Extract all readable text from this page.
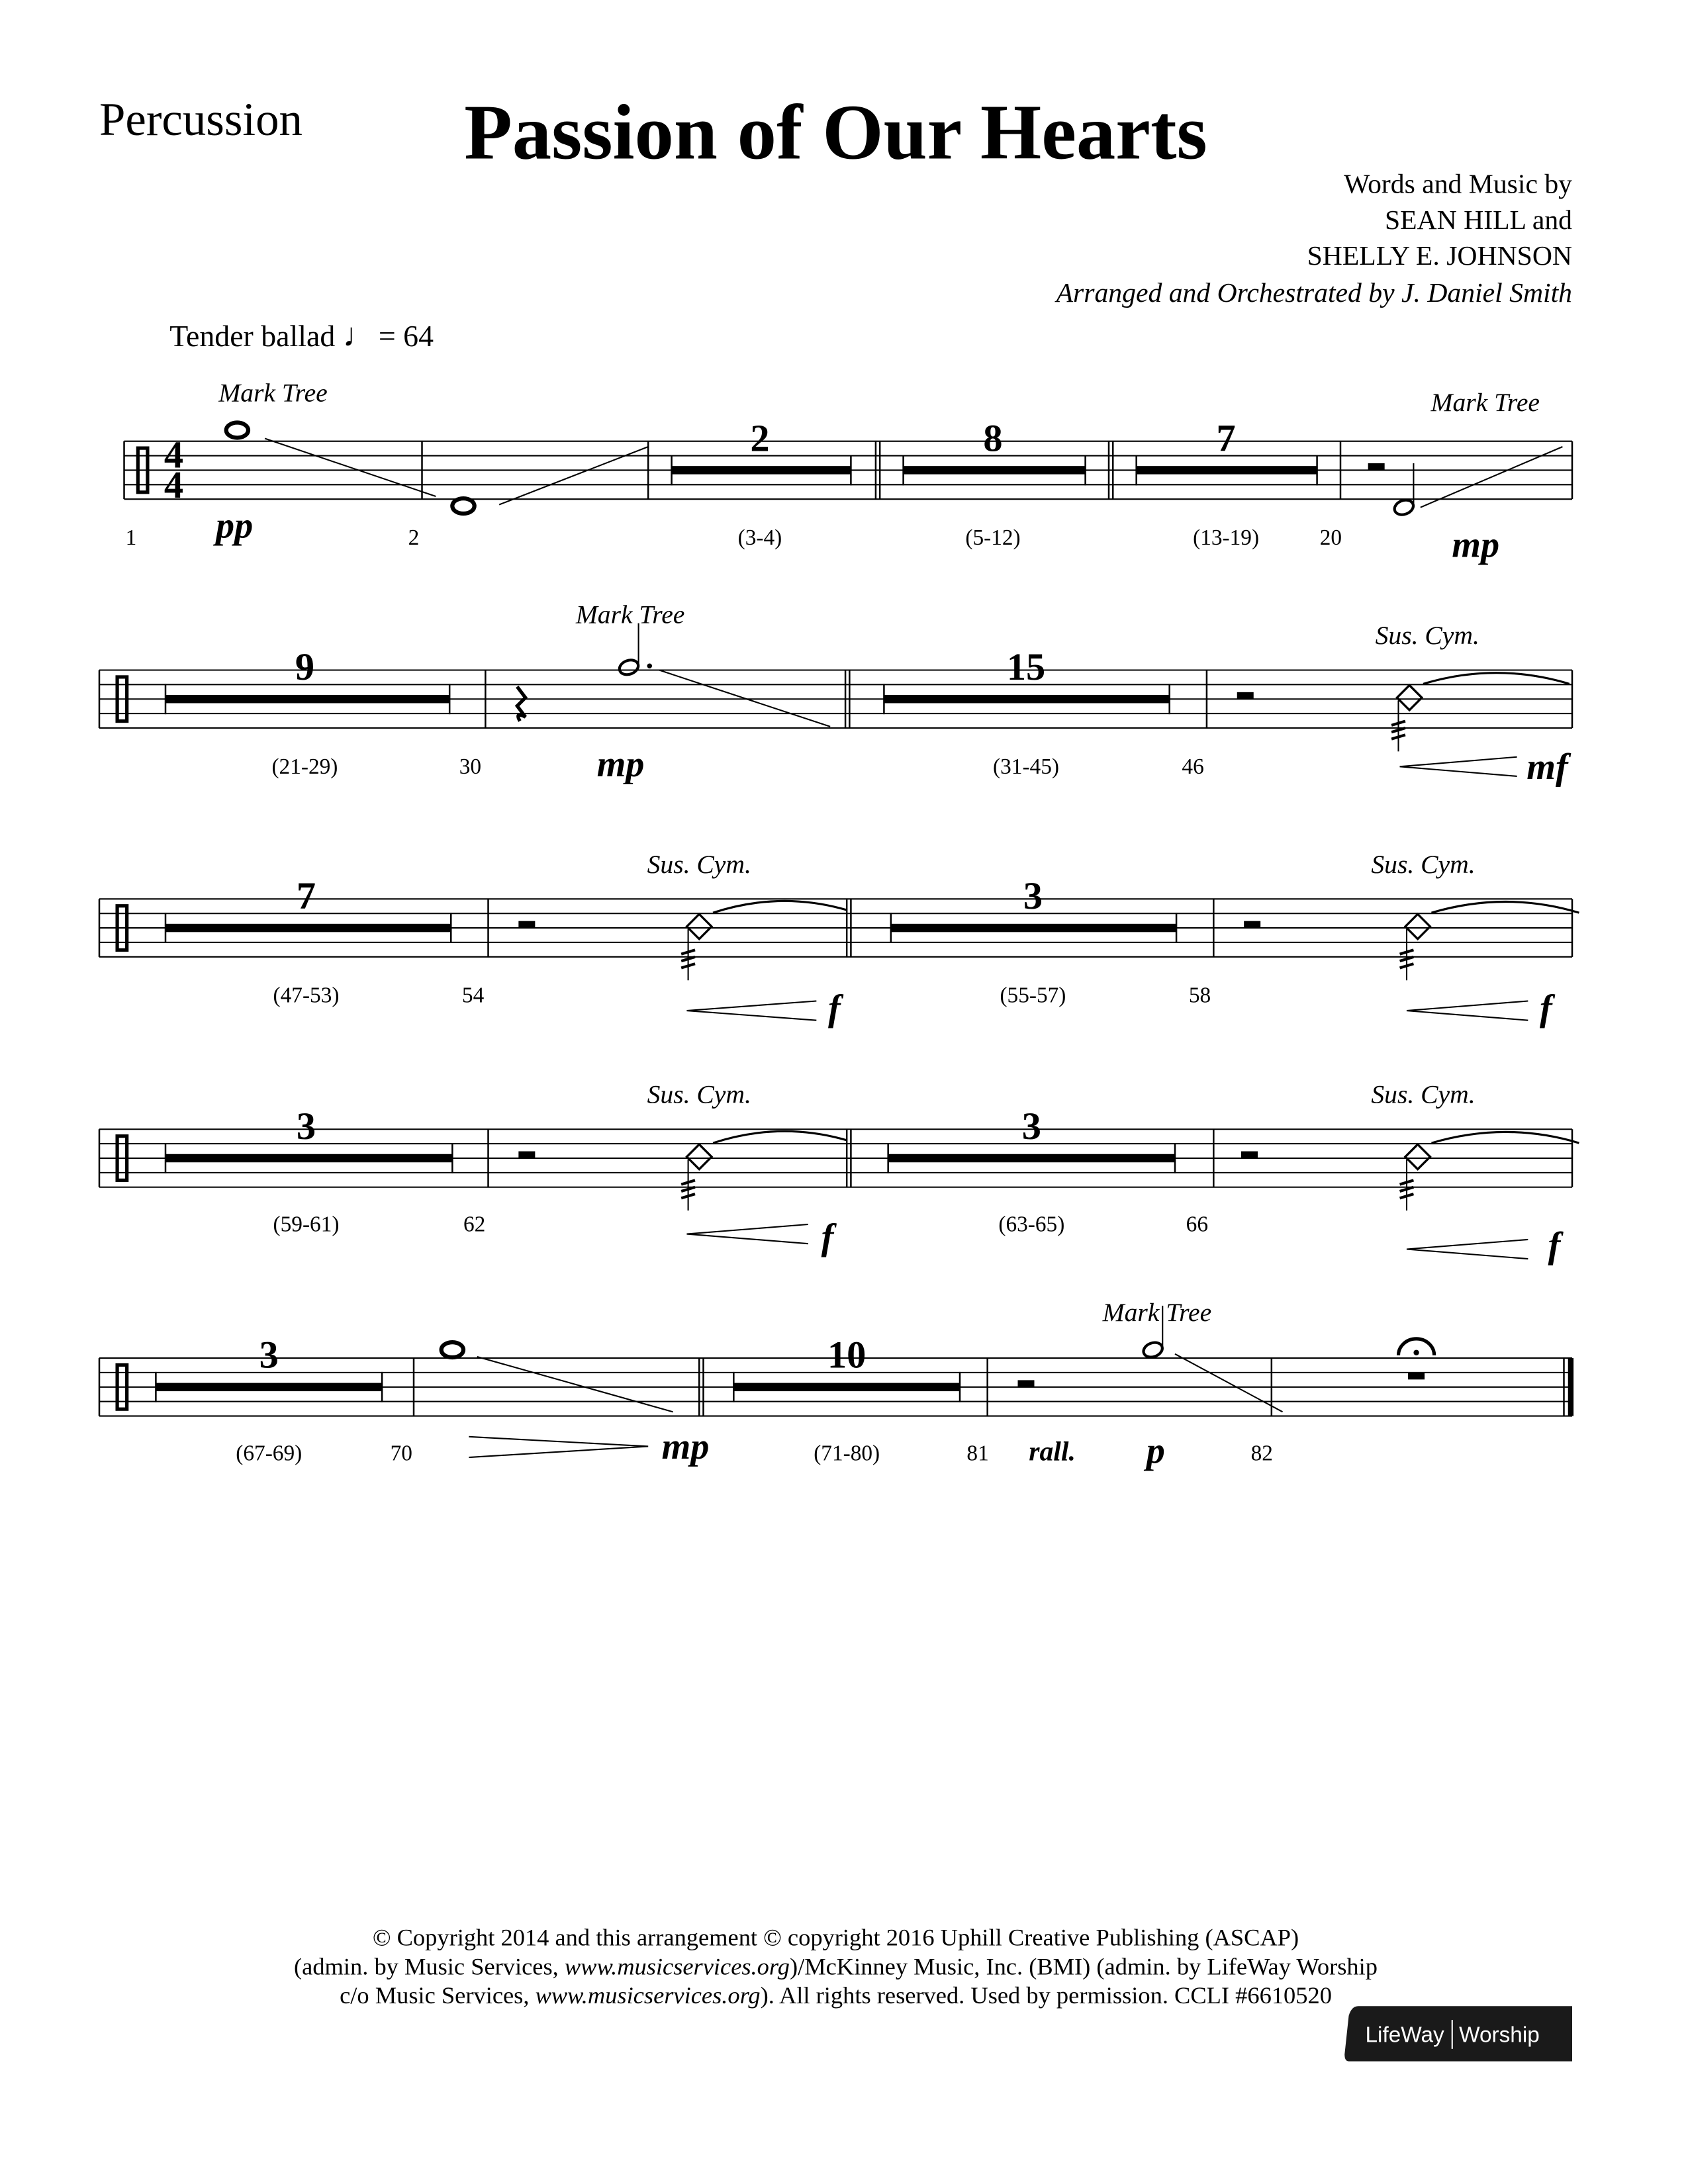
Percussion	Passion of Our Hearts
Words and Music by
SEAN HILL and
SHELLY E. JOHNSON
Arranged and Orchestrated by J. Daniel Smith
Tender ballad ♩ = 64
4
4
Mark Tree
pp
1	2
2
(3-4)
8
(5-12)
7
(13-19)	20
Mark Tree
mp
9
(21-29)	30
Mark Tree
mp
15
(31-45)	46
Sus. Cym.
mf
7
(47-53)	54
Sus. Cym.
f
3
(55-57)	58
Sus. Cym.
f
3
(59-61)	62
Sus. Cym.
f
3
(63-65)	66
Sus. Cym.
f
3
(67-69)	70	mp
10
(71-80)	81
Mark Tree
rall.	p	82
© Copyright 2014 and this arrangement © copyright 2016 Uphill Creative Publishing (ASCAP)
(admin. by Music Services, www.musicservices.org)/McKinney Music, Inc. (BMI) (admin. by LifeWay Worship
c/o Music Services, www.musicservices.org). All rights reserved. Used by permission. CCLI #6610520
LifeWay Worship
